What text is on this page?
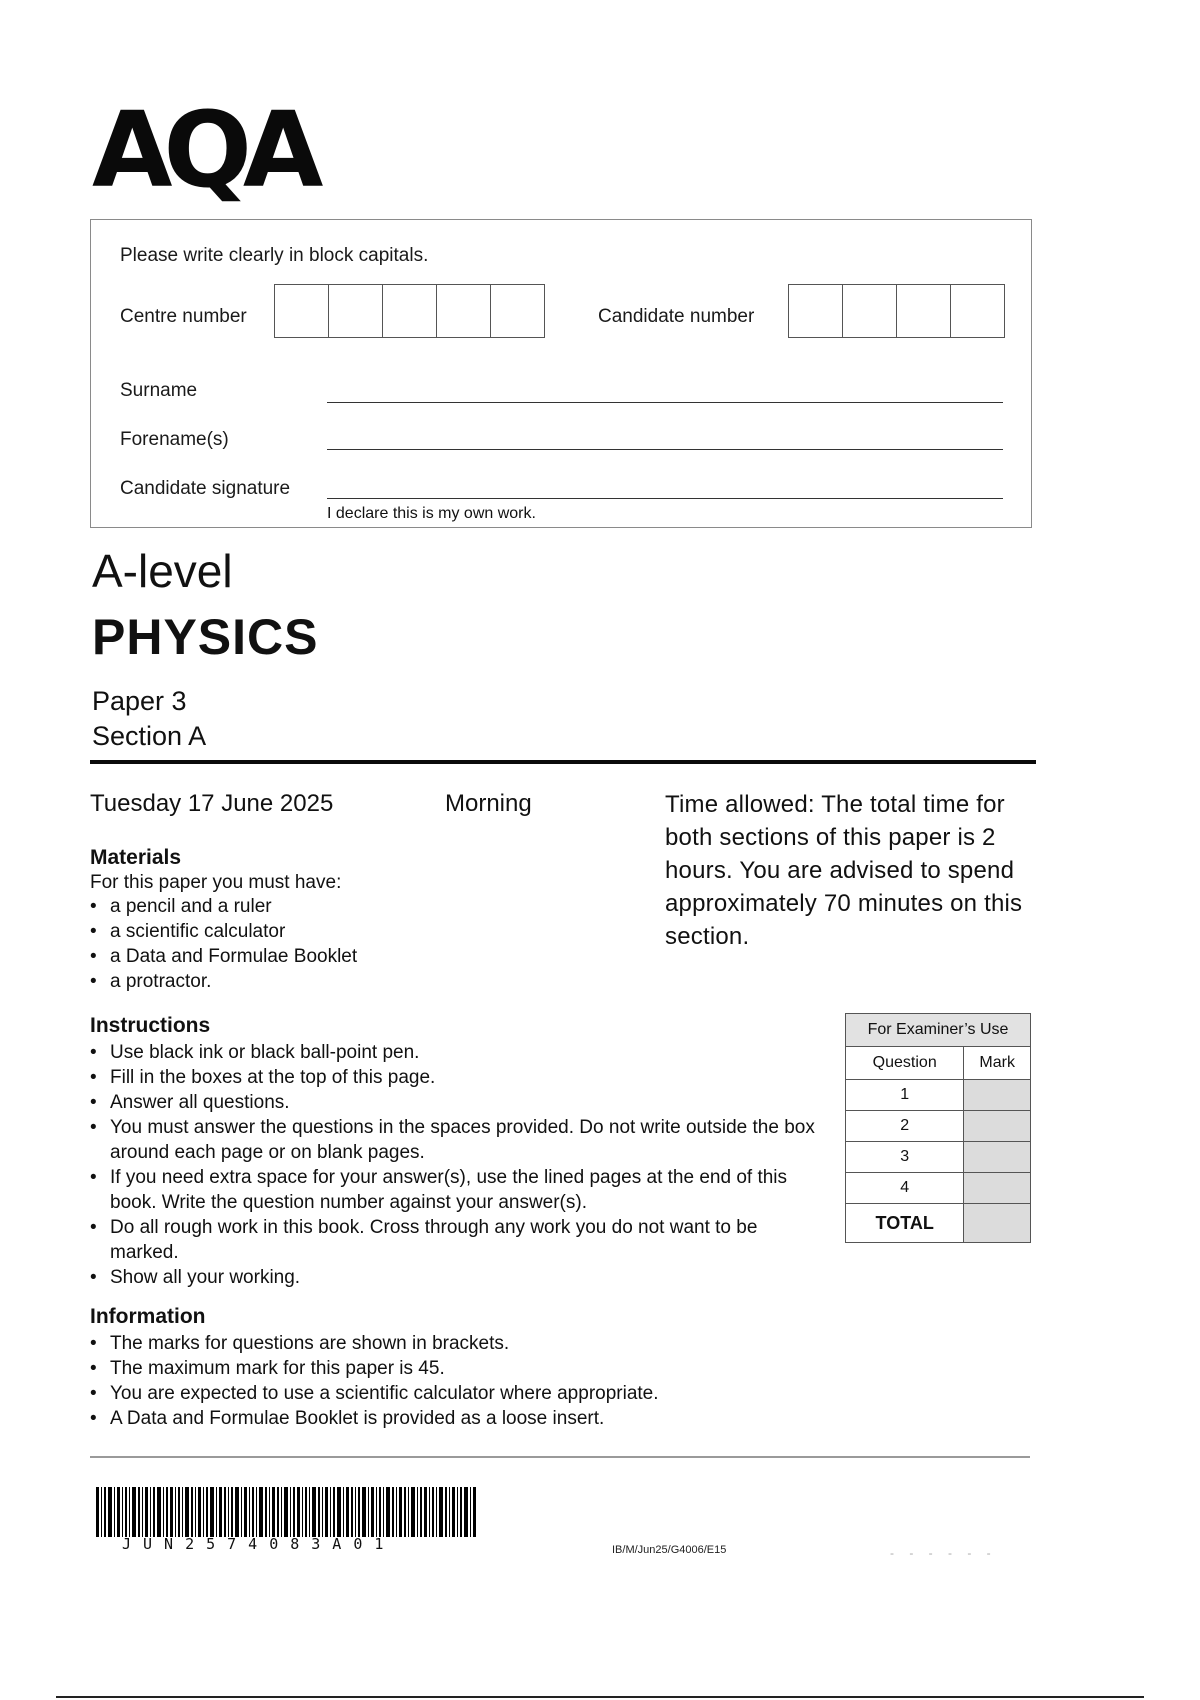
AQA
Please write clearly in block capitals.
Centre number	Candidate number
Surname
Forename(s)
Candidate signature
I declare this is my own work.
A-level
PHYSICS
Paper 3
Section A
Tuesday 17 June 2025	Morning	Time allowed: The total time for both sections of this paper is 2 hours. You are advised to spend approximately 70 minutes on this section.
Materials
For this paper you must have:
• a pencil and a ruler
• a scientific calculator
• a Data and Formulae Booklet
• a protractor.
Instructions
• Use black ink or black ball-point pen.
• Fill in the boxes at the top of this page.
• Answer all questions.
• You must answer the questions in the spaces provided. Do not write outside the box around each page or on blank pages.
• If you need extra space for your answer(s), use the lined pages at the end of this book. Write the question number against your answer(s).
• Do all rough work in this book. Cross through any work you do not want to be marked.
• Show all your working.
Information
• The marks for questions are shown in brackets.
• The maximum mark for this paper is 45.
• You are expected to use a scientific calculator where appropriate.
• A Data and Formulae Booklet is provided as a loose insert.
For Examiner’s Use	
Question	Mark
1	
2	
3	
4	
TOTAL	
JUN2574083A01	IB/M/Jun25/G4006/E15	- - - - - -
